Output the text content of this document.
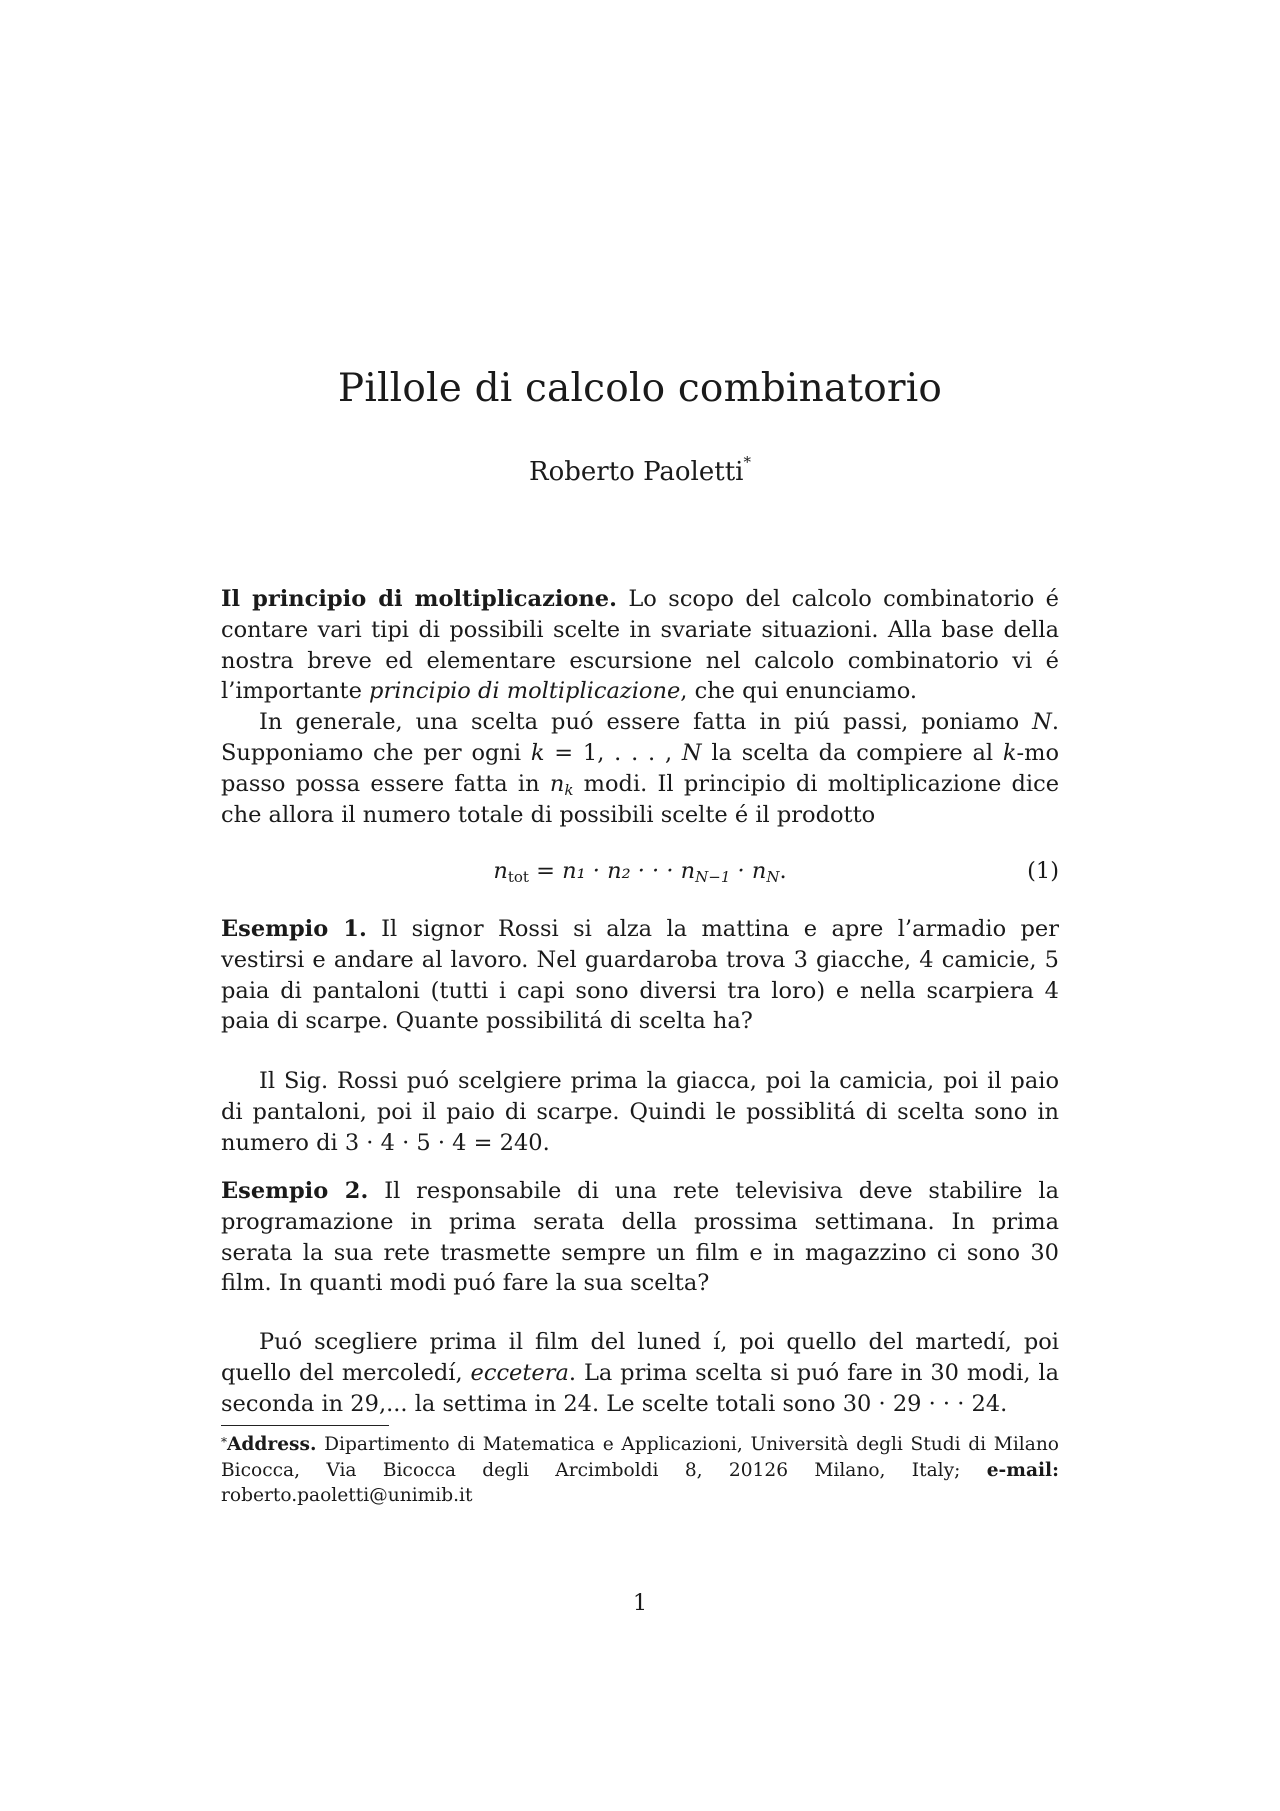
Pillole di calcolo combinatorio
Roberto Paoletti*

Il principio di moltiplicazione. Lo scopo del calcolo combinatorio é contare vari tipi di possibili scelte in svariate situazioni. Alla base della nostra breve ed elementare escursione nel calcolo combinatorio vi é l’importante principio di moltiplicazione, che qui enunciamo.

In generale, una scelta puó essere fatta in piú passi, poniamo N. Supponiamo che per ogni k = 1, . . . , N la scelta da compiere al k-mo passo possa essere fatta in $n_k$ modi. Il principio di moltiplicazione dice che allora il numero totale di possibili scelte é il prodotto

$n_{tot} = n_1 \cdot n_2$ · · · $n_{N-1} \cdot n_N$.	(1)

Esempio 1. Il signor Rossi si alza la mattina e apre l’armadio per vestirsi e andare al lavoro. Nel guardaroba trova 3 giacche, 4 camicie, 5 paia di pantaloni (tutti i capi sono diversi tra loro) e nella scarpiera 4 paia di scarpe. Quante possibilitá di scelta ha?

Il Sig. Rossi puó scelgiere prima la giacca, poi la camicia, poi il paio di pantaloni, poi il paio di scarpe. Quindi le possiblitá di scelta sono in numero di 3 · 4 · 5 · 4 = 240.

Esempio 2. Il responsabile di una rete televisiva deve stabilire la programazione in prima serata della prossima settimana. In prima serata la sua rete trasmette sempre un film e in magazzino ci sono 30 film. In quanti modi puó fare la sua scelta?

Puó scegliere prima il film del luned í, poi quello del martedí, poi quello del mercoledí, eccetera. La prima scelta si puó fare in 30 modi, la seconda in 29,... la settima in 24. Le scelte totali sono 30 · 29 · · · 24.

*Address. Dipartimento di Matematica e Applicazioni, Università degli Studi di Milano Bicocca, Via Bicocca degli Arcimboldi 8, 20126 Milano, Italy; e-mail: roberto.paoletti@unimib.it
1
